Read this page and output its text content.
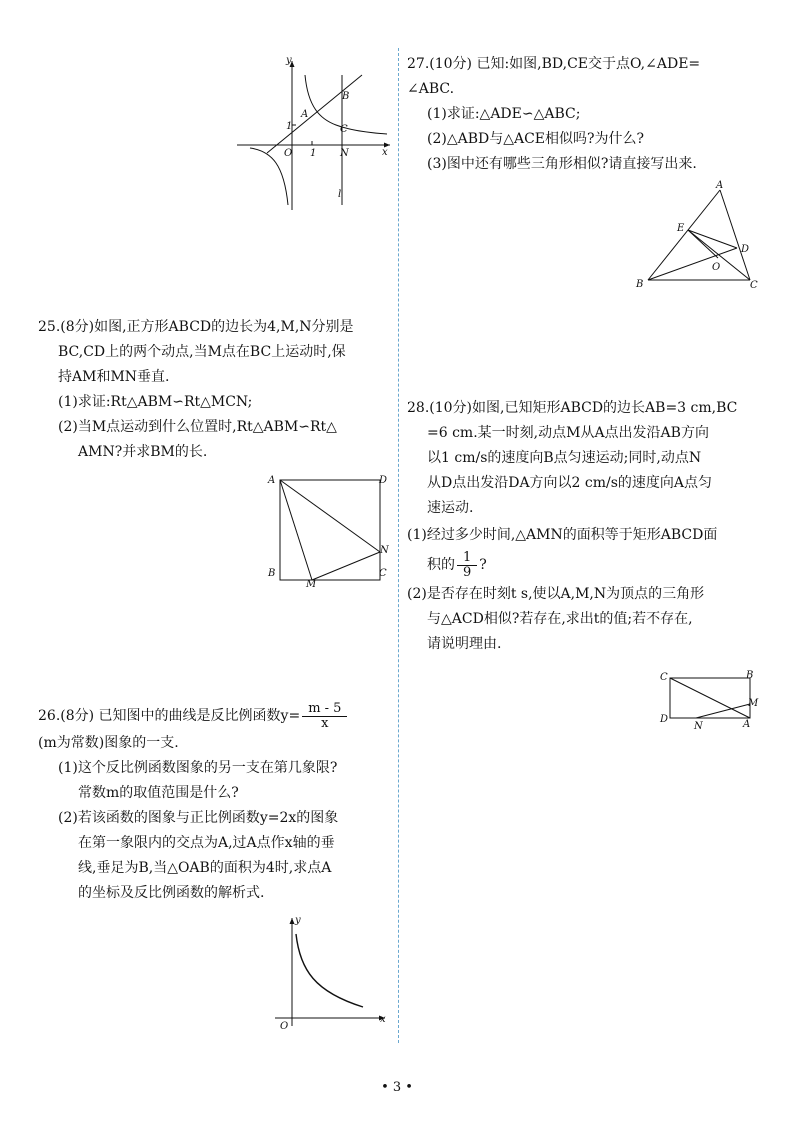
y
x
A
B
C
O 1
1
N
l

25.(8分)如图,正方形ABCD的边长为4,M,N分别是

BC,CD上的两个动点,当M点在BC上运动时,保

持AM和MN垂直.

(1)求证:Rt△ABM∽Rt△MCN;

(2)当M点运动到什么位置时,Rt△ABM∽Rt△

AMN?并求BM的长.

A	D
N
B
M
C

26.(8分) 已知图中的曲线是反比例函数$y= \frac{m - 5}{x}$

(m为常数)图象的一支.

(1)这个反比例函数图象的另一支在第几象限?

常数m的取值范围是什么?

(2)若该函数的图象与正比例函数y=2x的图象

在第一象限内的交点为A,过A点作x轴的垂

线,垂足为B,当△OAB的面积为4时,求点A

的坐标及反比例函数的解析式.

y
O
x

27.(10分) 已知:如图,BD,CE交于点O,∠ADE=

∠ABC.

(1)求证:△ADE∽△ABC;

(2)△ABD与△ACE相似吗?为什么?

(3)图中还有哪些三角形相似?请直接写出来.

A
E
D
O
B	C

28.(10分)如图,已知矩形ABCD的边长AB=3 cm,BC

=6 cm.某一时刻,动点M从A点出发沿AB方向

以1 cm/s的速度向B点匀速运动;同时,动点N

从D点出发沿DA方向以2 cm/s的速度向A点匀

速运动.

(1)经过多少时间,△AMN的面积等于矩形ABCD面

积的 $\frac{1}{9}$ ?

(2)是否存在时刻t s,使以A,M,N为顶点的三角形

与△ACD相似?若存在,求出t的值;若不存在,

请说明理由.

C	B
M
D
N	A
• 3 •
